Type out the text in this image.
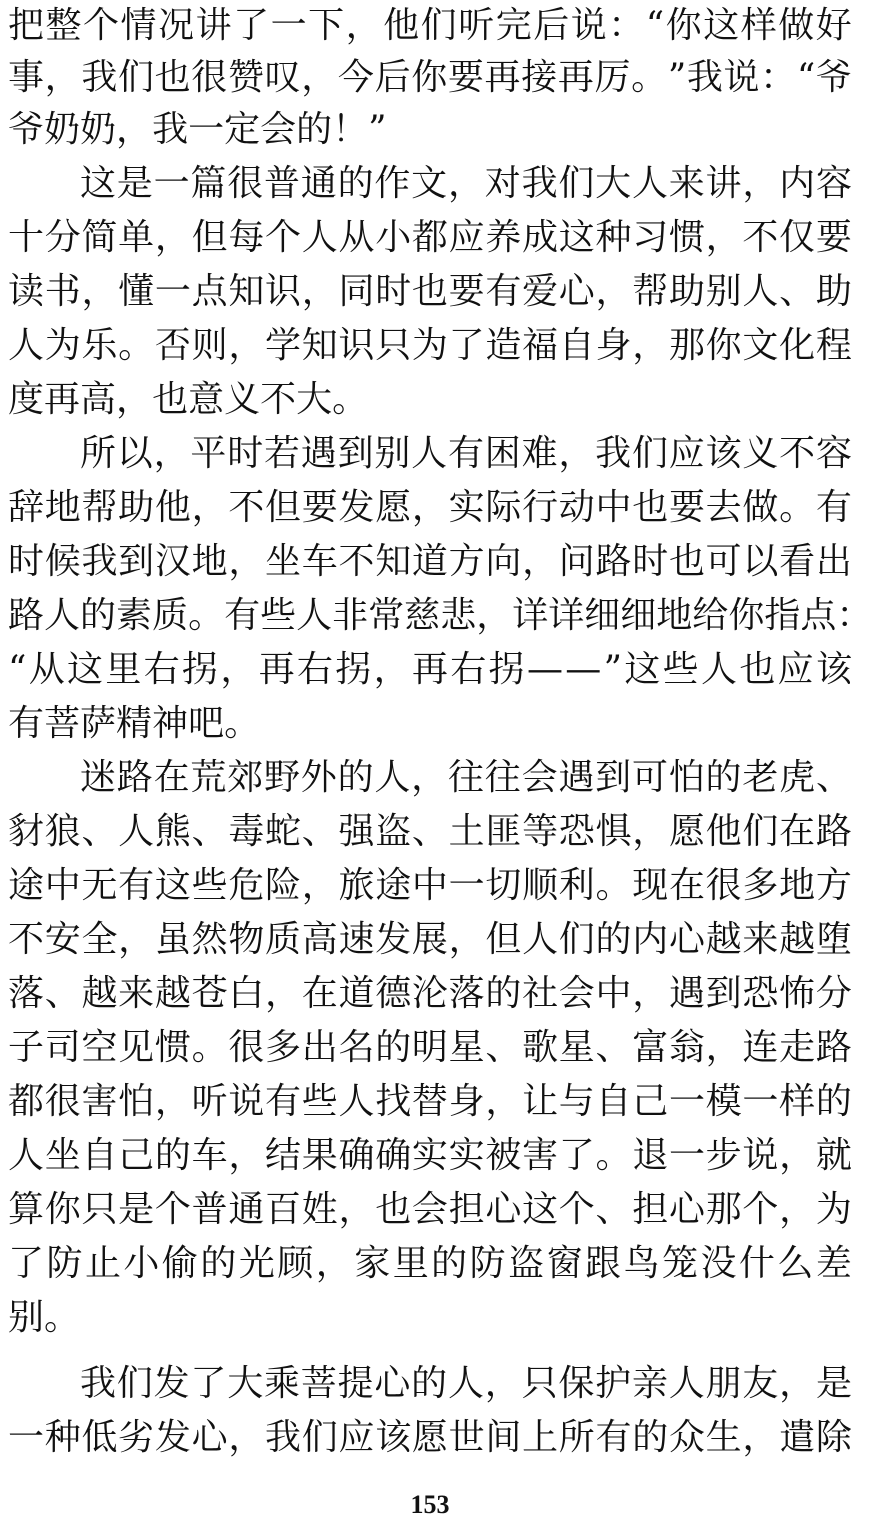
把 整 个 情 况 讲 了 一 下 ， 他 们 听 完 后 说 ： “ 你 这 样 做 好
事 ， 我 们 也 很 赞 叹 ， 今 后 你 要 再 接 再 厉 。 ” 我 说 ： “ 爷
爷 奶 奶 ， 我 一 定 会 的 ！ ”
这 是 一 篇 很 普 通 的 作 文 ， 对 我 们 大 人 来 讲 ， 内 容
十 分 简 单 ， 但 每 个 人 从 小 都 应 养 成 这 种 习 惯 ， 不 仅 要
读 书 ， 懂 一 点 知 识 ， 同 时 也 要 有 爱 心 ， 帮 助 别 人 、 助
人 为 乐 。 否 则 ， 学 知 识 只 为 了 造 福 自 身 ， 那 你 文 化 程
度 再 高 ， 也 意 义 不 大 。
所 以 ， 平 时 若 遇 到 别 人 有 困 难 ， 我 们 应 该 义 不 容
辞 地 帮 助 他 ， 不 但 要 发 愿 ， 实 际 行 动 中 也 要 去 做 。 有
时 候 我 到 汉 地 ， 坐 车 不 知 道 方 向 ， 问 路 时 也 可 以 看 出
路 人 的 素 质 。 有 些 人 非 常 慈 悲 ， 详 详 细 细 地 给 你 指 点 ：
“ 从 这 里 右 拐 ， 再 右 拐 ， 再 右 拐 — — ” 这 些 人 也 应 该
有 菩 萨 精 神 吧 。
迷 路 在 荒 郊 野 外 的 人 ， 往 往 会 遇 到 可 怕 的 老 虎 、
豺 狼 、 人 熊 、 毒 蛇 、 强 盗 、 土 匪 等 恐 惧 ， 愿 他 们 在 路
途 中 无 有 这 些 危 险 ， 旅 途 中 一 切 顺 利 。 现 在 很 多 地 方
不 安 全 ， 虽 然 物 质 高 速 发 展 ， 但 人 们 的 内 心 越 来 越 堕
落 、 越 来 越 苍 白 ， 在 道 德 沦 落 的 社 会 中 ， 遇 到 恐 怖 分
子 司 空 见 惯 。 很 多 出 名 的 明 星 、 歌 星 、 富 翁 ， 连 走 路
都 很 害 怕 ， 听 说 有 些 人 找 替 身 ， 让 与 自 己 一 模 一 样 的
人 坐 自 己 的 车 ， 结 果 确 确 实 实 被 害 了 。 退 一 步 说 ， 就
算 你 只 是 个 普 通 百 姓 ， 也 会 担 心 这 个 、 担 心 那 个 ， 为
了 防 止 小 偷 的 光 顾 ， 家 里 的 防 盗 窗 跟 鸟 笼 没 什 么 差
别 。
我 们 发 了 大 乘 菩 提 心 的 人 ， 只 保 护 亲 人 朋 友 ， 是
一 种 低 劣 发 心 ， 我 们 应 该 愿 世 间 上 所 有 的 众 生 ， 遣 除
153
